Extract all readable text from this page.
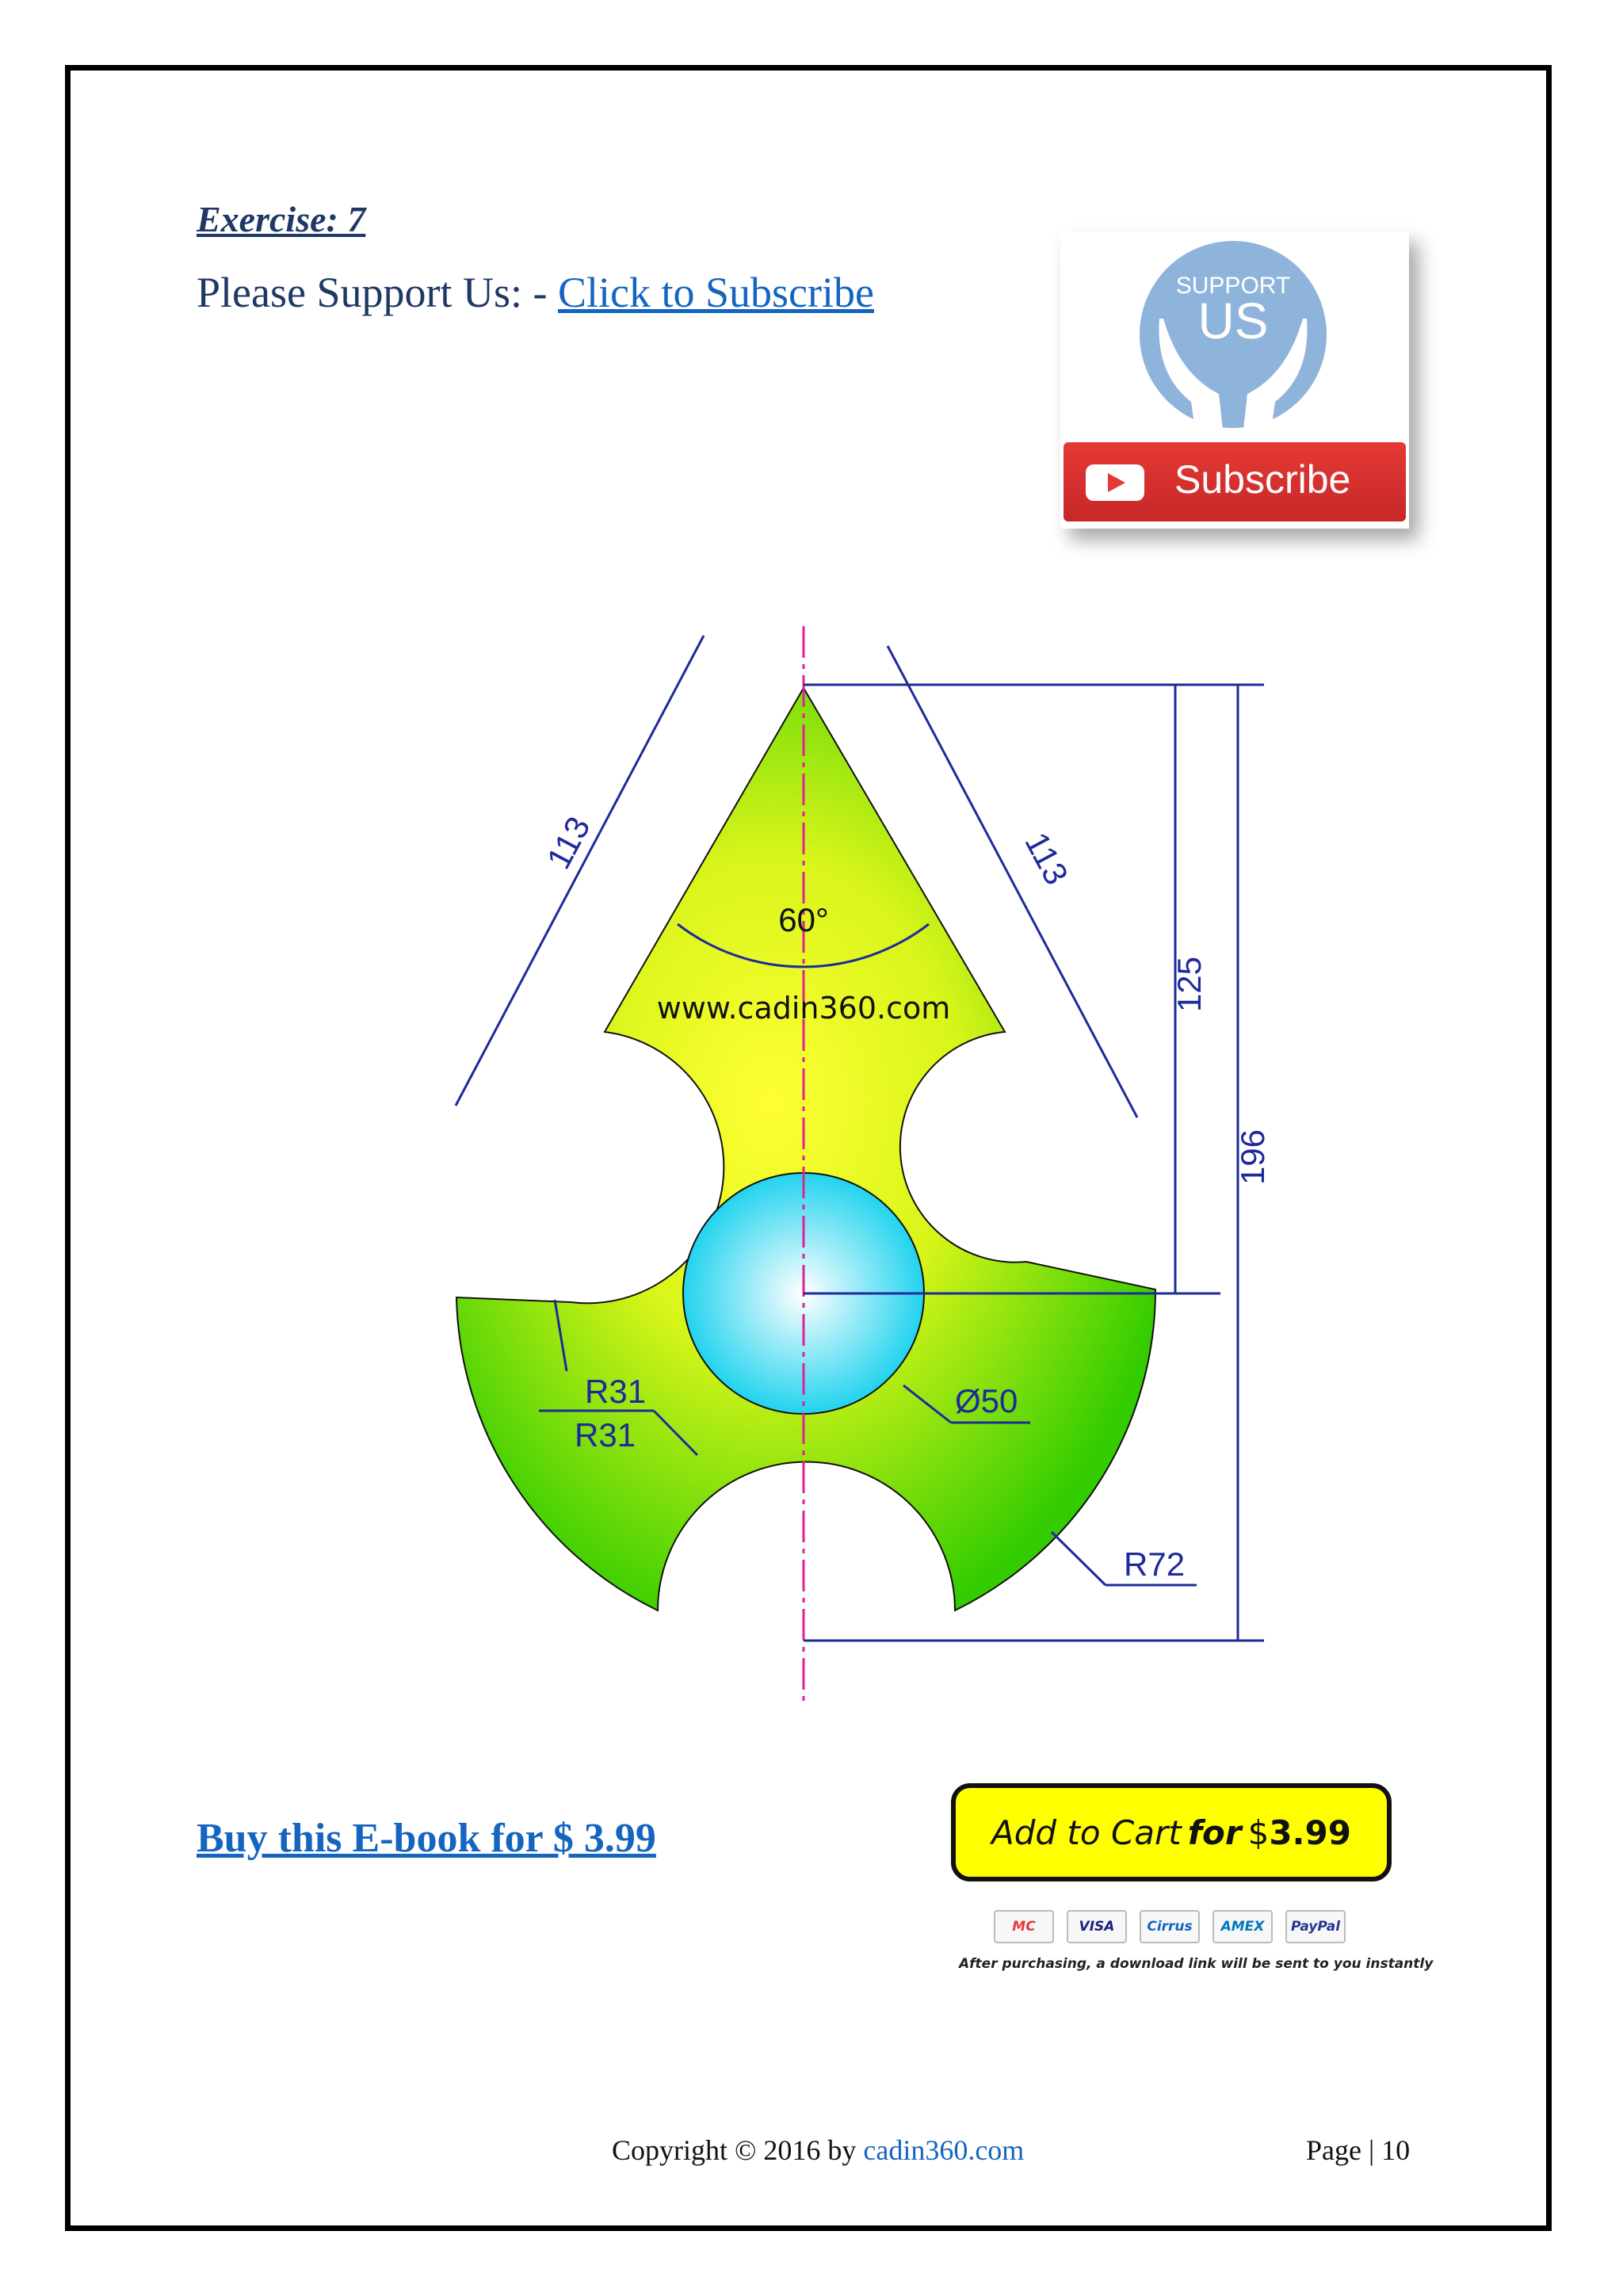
Exercise: 7
Please Support Us: - Click to Subscribe	SUPPORT
US
Subscribe
125
196
113	113
60°
www.cadin360.com
R31
R31
Ø50
R72
Buy this E-book for $ 3.99	Add to Cart for $ 3.99
MC	VISA	Cirrus	AMEX	PayPal
After purchasing, a download link will be sent to you instantly
Copyright © 2016 by cadin360.com	Page | 10
